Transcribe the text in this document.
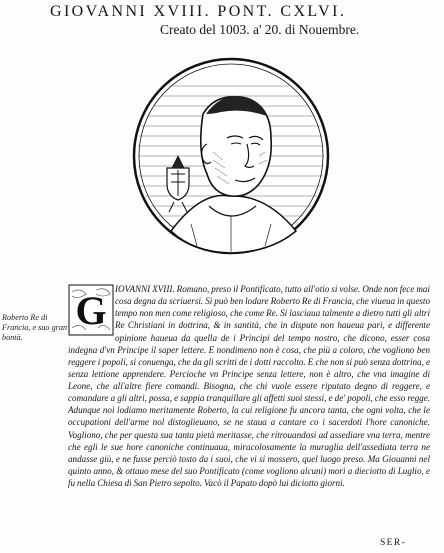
GIOVANNI XVIII. PONT. CXLVI.
Creato del 1003. a' 20. di Nouembre.
Roberto Re di Francia, e suo gran bontà.
G IOVANNI XVIII. Romano, preso il Pontificato, tutto all'otio si volse. Onde non fece mai cosa degna da scriuersi. Si può ben lodare Roberto Re di Francia, che viueua in questo tempo non men come religioso, che come Re. Si lasciaua talmente a dietro tutti gli altri Re Christiani in dottrina, & in santità, che in dispute non haueua pari, e differente opinione haueua da quella de i Principi del tempo nostro, che dicono, esser cosa indegna d'vn Principe il saper lettere. E nondimeno non è cosa, che più a coloro, che vogliono ben reggere i popoli, si conuenga, che da gli scritti de i dotti raccolto. E che non si può senza dottrina, e senza lettione apprendere. Percioche vn Principe senza lettere, non è altro, che vna imagine di Leone, che all'altre fiere comandi. Bisogna, che chi vuole essere riputato degno di reggere, e comandare a gli altri, possa, e sappia tranquillare gli affetti suoi stessi, e de' popoli, che esso regge. Adunque noi lodiamo meritamente Roberto, la cui religione fu ancora tanta, che ogni volta, che le occupationi dell'arme nol distoglieuano, se ne staua a cantare co i sacerdoti l'hore canoniche. Vogliono, che per questa sua tanta pietà meritasse, che ritrouandosi ad assediare vna terra, mentre che egli le sue hore canoniche continuaua, miracolosamente la muraglia dell'assediata terra ne andasse giù, e ne fusse perciò tosto da i suoi, che vi si mossero, quel luogo preso. Ma Giouanni nel quinto anno, & ottauo mese del suo Pontificato (come vogliono alcuni) morì a dieciotto di Luglio, e fu nella Chiesa di San Pietro sepolto. Vacò il Papato dopò lui diciotto giorni.
SER-
